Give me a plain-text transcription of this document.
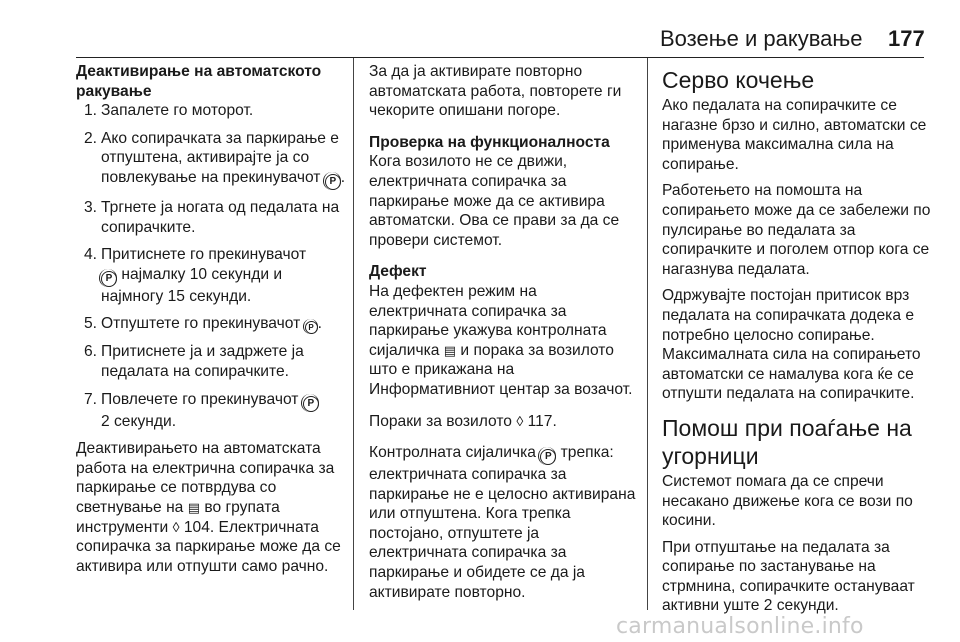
Возење и ракување 177
Деактивирање на автоматското ракување
1. Запалете го моторот.
2. Ако сопирачката за паркирање е отпуштена, активирајте ја со повлекување на прекинувачот P .
3. Тргнете ја ногата од педалата на сопирачките.
4. Притиснете го прекинувачот
P најмалку 10 секунди и најмногу 15 секунди.
5. Отпуштете го прекинувачот P .
6. Притиснете ја и задржете ја педалата на сопирачките.
7. Повлечете го прекинувачот P
2 секунди.

Деактивирањето на автоматската работа на електрична сопирачка за паркирање се потврдува со светнување на ▤ во групата инструменти ◊ 104. Електричната сопирачка за паркирање може да се активира или отпушти само рачно.

За да ја активирате повторно автоматската работа, повторете ги чекорите опишани погоре.

Проверка на функционалноста

Кога возилото не се движи, електричната сопирачка за паркирање може да се активира автоматски. Ова се прави за да се провери системот.

Дефект

На дефектен режим на електричната сопирачка за паркирање укажува контролната сијаличка ▤ и порака за возилото што е прикажана на Информативниот центар за возачот.

Пораки за возилото ◊ 117.

Контролната сијаличка P трепка: електричната сопирачка за паркирање не е целосно активирана или отпуштена. Кога трепка постојано, отпуштете ја електричната сопирачка за паркирање и обидете се да ја активирате повторно.

Серво кочење

Ако педалата на сопирачките се нагазне брзо и силно, автоматски се применува максимална сила на сопирање.

Работењето на помошта на сопирањето може да се забележи по пулсирање во педалата за сопирачките и поголем отпор кога се нагазнува педалата.

Одржувајте постојан притисок врз педалата на сопирачката додека е потребно целосно сопирање. Максималната сила на сопирањето автоматски се намалува кога ќе се отпушти педалата на сопирачките.

Помош при поаѓање на угорници

Системот помага да се спречи несакано движење кога се вози по косини.

При отпуштање на педалата за сопирање по застанување на стрмнина, сопирачките остануваат активни уште 2 секунди.

carmanualsonline.info
